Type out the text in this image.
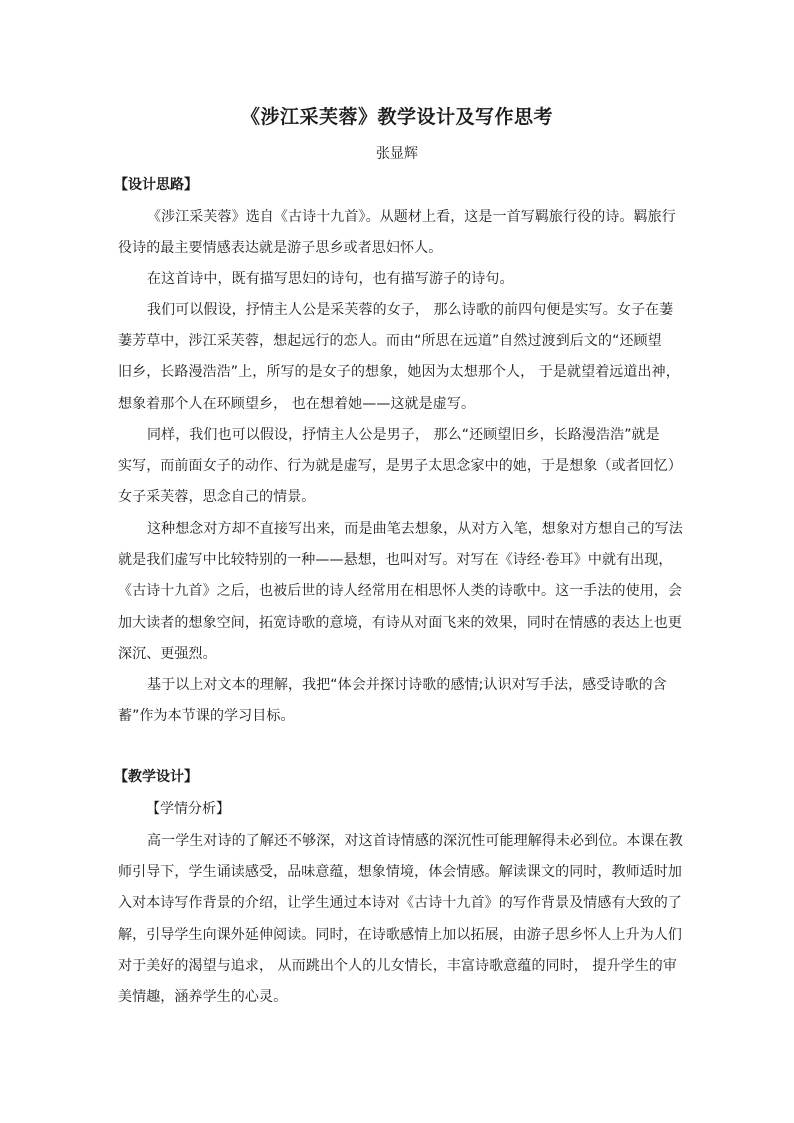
《涉江采芙蓉》教学设计及写作思考
张显辉
【设计思路】
《涉江采芙蓉》选自《古诗十九首》。从题材上看，这是一首写羁旅行役的诗。羁旅行
役诗的最主要情感表达就是游子思乡或者思妇怀人。
在这首诗中，既有描写思妇的诗句，也有描写游子的诗句。
我们可以假设，抒情主人公是采芙蓉的女子， 那么诗歌的前四句便是实写。女子在萋
萋芳草中，涉江采芙蓉，想起远行的恋人。而由“所思在远道”自然过渡到后文的“还顾望
旧乡，长路漫浩浩”上，所写的是女子的想象，她因为太想那个人， 于是就望着远道出神，
想象着那个人在环顾望乡， 也在想着她——这就是虚写。
同样，我们也可以假设，抒情主人公是男子， 那么“还顾望旧乡，长路漫浩浩”就是
实写，而前面女子的动作、行为就是虚写，是男子太思念家中的她，于是想象（或者回忆）
女子采芙蓉，思念自己的情景。
这种想念对方却不直接写出来，而是曲笔去想象，从对方入笔，想象对方想自己的写法
就是我们虚写中比较特别的一种——悬想，也叫对写。对写在《诗经·卷耳》中就有出现，
《古诗十九首》之后，也被后世的诗人经常用在相思怀人类的诗歌中。这一手法的使用，会
加大读者的想象空间，拓宽诗歌的意境，有诗从对面飞来的效果，同时在情感的表达上也更
深沉、更强烈。
基于以上对文本的理解，我把“体会并探讨诗歌的感情;认识对写手法，感受诗歌的含
蓄”作为本节课的学习目标。
【教学设计】
【学情分析】
高一学生对诗的了解还不够深，对这首诗情感的深沉性可能理解得未必到位。本课在教
师引导下，学生诵读感受，品味意蕴，想象情境，体会情感。解读课文的同时，教师适时加
入对本诗写作背景的介绍，让学生通过本诗对《古诗十九首》的写作背景及情感有大致的了
解，引导学生向课外延伸阅读。同时，在诗歌感情上加以拓展，由游子思乡怀人上升为人们
对于美好的渴望与追求， 从而跳出个人的儿女情长，丰富诗歌意蕴的同时， 提升学生的审
美情趣，涵养学生的心灵。
